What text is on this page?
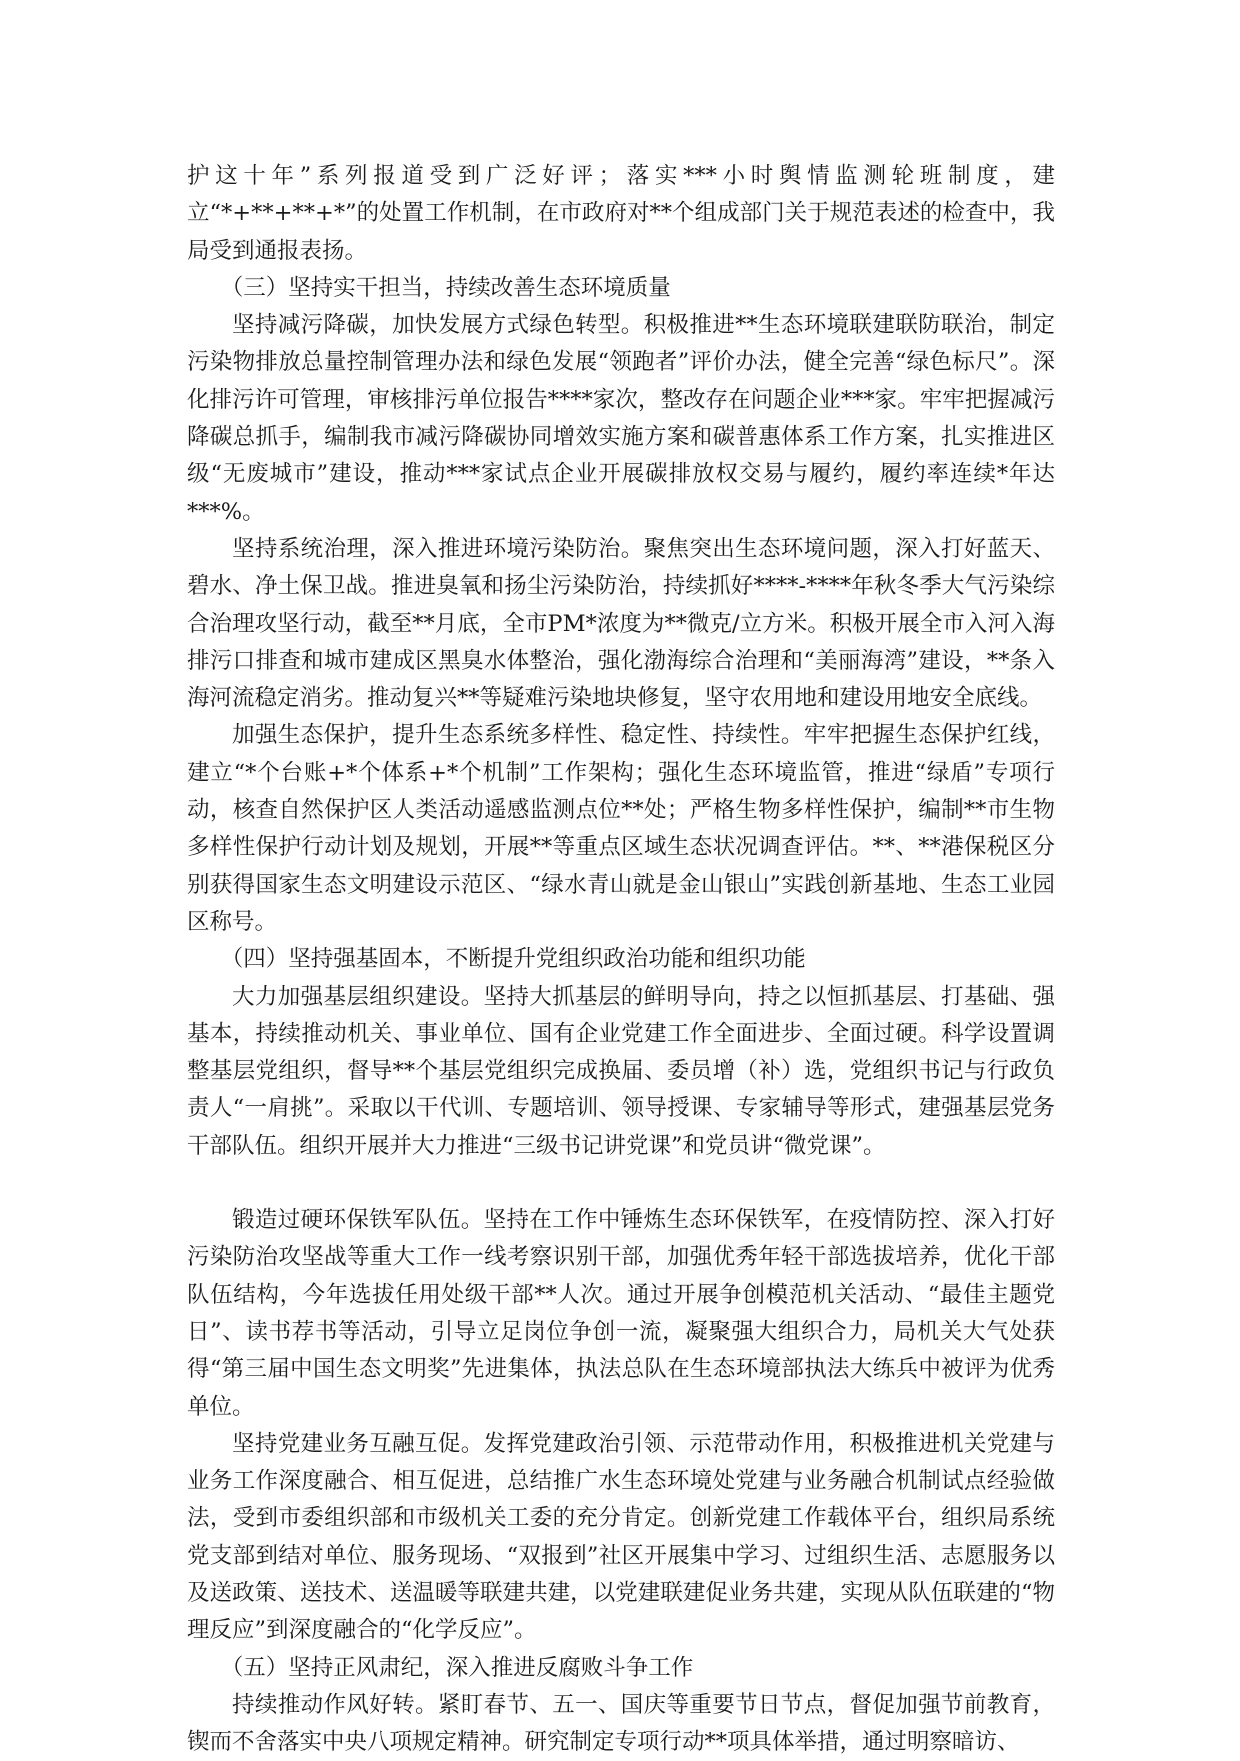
护这十年”系列报道受到广泛好评；落实***小时舆情监测轮班制度，建立“*+**+**+*”的处置工作机制，在市政府对**个组成部门关于规范表述的检查中，我局受到通报表扬。

（三）坚持实干担当，持续改善生态环境质量

坚持减污降碳，加快发展方式绿色转型。积极推进**生态环境联建联防联治，制定污染物排放总量控制管理办法和绿色发展“领跑者”评价办法，健全完善“绿色标尺”。深化排污许可管理，审核排污单位报告****家次，整改存在问题企业***家。牢牢把握减污降碳总抓手，编制我市减污降碳协同增效实施方案和碳普惠体系工作方案，扎实推进区级“无废城市”建设，推动***家试点企业开展碳排放权交易与履约，履约率连续*年达***%。

坚持系统治理，深入推进环境污染防治。聚焦突出生态环境问题，深入打好蓝天、碧水、净土保卫战。推进臭氧和扬尘污染防治，持续抓好****-****年秋冬季大气污染综合治理攻坚行动，截至**月底，全市PM*浓度为**微克/立方米。积极开展全市入河入海排污口排查和城市建成区黑臭水体整治，强化渤海综合治理和“美丽海湾”建设，**条入海河流稳定消劣。推动复兴**等疑难污染地块修复，坚守农用地和建设用地安全底线。

加强生态保护，提升生态系统多样性、稳定性、持续性。牢牢把握生态保护红线，建立“*个台账+*个体系+*个机制”工作架构；强化生态环境监管，推进“绿盾”专项行动，核查自然保护区人类活动遥感监测点位**处；严格生物多样性保护，编制**市生物多样性保护行动计划及规划，开展**等重点区域生态状况调查评估。**、**港保税区分别获得国家生态文明建设示范区、“绿水青山就是金山银山”实践创新基地、生态工业园区称号。

（四）坚持强基固本，不断提升党组织政治功能和组织功能

大力加强基层组织建设。坚持大抓基层的鲜明导向，持之以恒抓基层、打基础、强基本，持续推动机关、事业单位、国有企业党建工作全面进步、全面过硬。科学设置调整基层党组织，督导**个基层党组织完成换届、委员增（补）选，党组织书记与行政负责人“一肩挑”。采取以干代训、专题培训、领导授课、专家辅导等形式，建强基层党务干部队伍。组织开展并大力推进“三级书记讲党课”和党员讲“微党课”。

锻造过硬环保铁军队伍。坚持在工作中锤炼生态环保铁军，在疫情防控、深入打好污染防治攻坚战等重大工作一线考察识别干部，加强优秀年轻干部选拔培养，优化干部队伍结构，今年选拔任用处级干部**人次。通过开展争创模范机关活动、“最佳主题党日”、读书荐书等活动，引导立足岗位争创一流，凝聚强大组织合力，局机关大气处获得“第三届中国生态文明奖”先进集体，执法总队在生态环境部执法大练兵中被评为优秀单位。

坚持党建业务互融互促。发挥党建政治引领、示范带动作用，积极推进机关党建与业务工作深度融合、相互促进，总结推广水生态环境处党建与业务融合机制试点经验做法，受到市委组织部和市级机关工委的充分肯定。创新党建工作载体平台，组织局系统党支部到结对单位、服务现场、“双报到”社区开展集中学习、过组织生活、志愿服务以及送政策、送技术、送温暖等联建共建，以党建联建促业务共建，实现从队伍联建的“物理反应”到深度融合的“化学反应”。

（五）坚持正风肃纪，深入推进反腐败斗争工作

持续推动作风好转。紧盯春节、五一、国庆等重要节日节点，督促加强节前教育，锲而不舍落实中央八项规定精神。研究制定专项行动**项具体举措，通过明察暗访、
